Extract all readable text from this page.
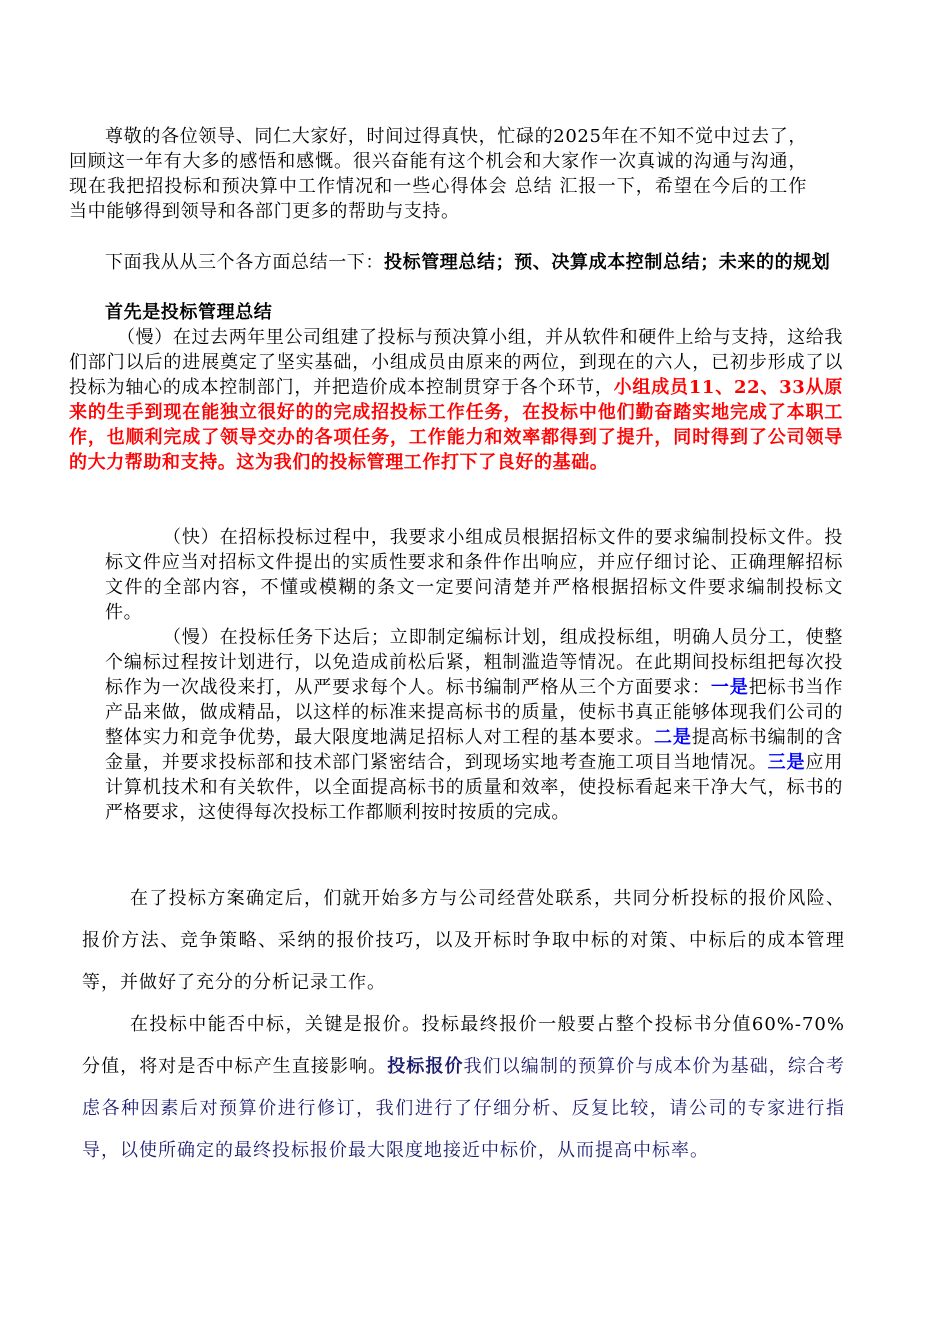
尊敬的各位领导、同仁大家好，时间过得真快，忙碌的2025年在不知不觉中过去了，回顾这一年有大多的感悟和感慨。很兴奋能有这个机会和大家作一次真诚的沟通与沟通，现在我把招投标和预决算中工作情况和一些心得体会 总结 汇报一下，希望在今后的工作当中能够得到领导和各部门更多的帮助与支持。

下面我从从三个各方面总结一下：投标管理总结；预、决算成本控制总结；未来的的规划

首先是投标管理总结

（慢）在过去两年里公司组建了投标与预决算小组，并从软件和硬件上给与支持，这给我们部门以后的进展奠定了坚实基础，小组成员由原来的两位，到现在的六人，已初步形成了以投标为轴心的成本控制部门，并把造价成本控制贯穿于各个环节，小组成员11、22、33从原来的生手到现在能独立很好的的完成招投标工作任务，在投标中他们勤奋踏实地完成了本职工作，也顺利完成了领导交办的各项任务，工作能力和效率都得到了提升，同时得到了公司领导的大力帮助和支持。这为我们的投标管理工作打下了良好的基础。

（快）在招标投标过程中，我要求小组成员根据招标文件的要求编制投标文件。投标文件应当对招标文件提出的实质性要求和条件作出响应，并应仔细讨论、正确理解招标文件的全部内容，不懂或模糊的条文一定要问清楚并严格根据招标文件要求编制投标文件。

（慢）在投标任务下达后；立即制定编标计划，组成投标组，明确人员分工，使整个编标过程按计划进行，以免造成前松后紧，粗制滥造等情况。在此期间投标组把每次投标作为一次战役来打，从严要求每个人。标书编制严格从三个方面要求：一是把标书当作产品来做，做成精品，以这样的标准来提高标书的质量，使标书真正能够体现我们公司的整体实力和竞争优势，最大限度地满足招标人对工程的基本要求。二是提高标书编制的含金量，并要求投标部和技术部门紧密结合，到现场实地考查施工项目当地情况。三是应用计算机技术和有关软件，以全面提高标书的质量和效率，使投标看起来干净大气，标书的严格要求，这使得每次投标工作都顺利按时按质的完成。

在了投标方案确定后，们就开始多方与公司经营处联系，共同分析投标的报价风险、报价方法、竞争策略、采纳的报价技巧，以及开标时争取中标的对策、中标后的成本管理等，并做好了充分的分析记录工作。

在投标中能否中标，关键是报价。投标最终报价一般要占整个投标书分值60%-70%分值，将对是否中标产生直接影响。投标报价我们以编制的预算价与成本价为基础，综合考虑各种因素后对预算价进行修订，我们进行了仔细分析、反复比较，请公司的专家进行指导，以使所确定的最终投标报价最大限度地接近中标价，从而提高中标率。
